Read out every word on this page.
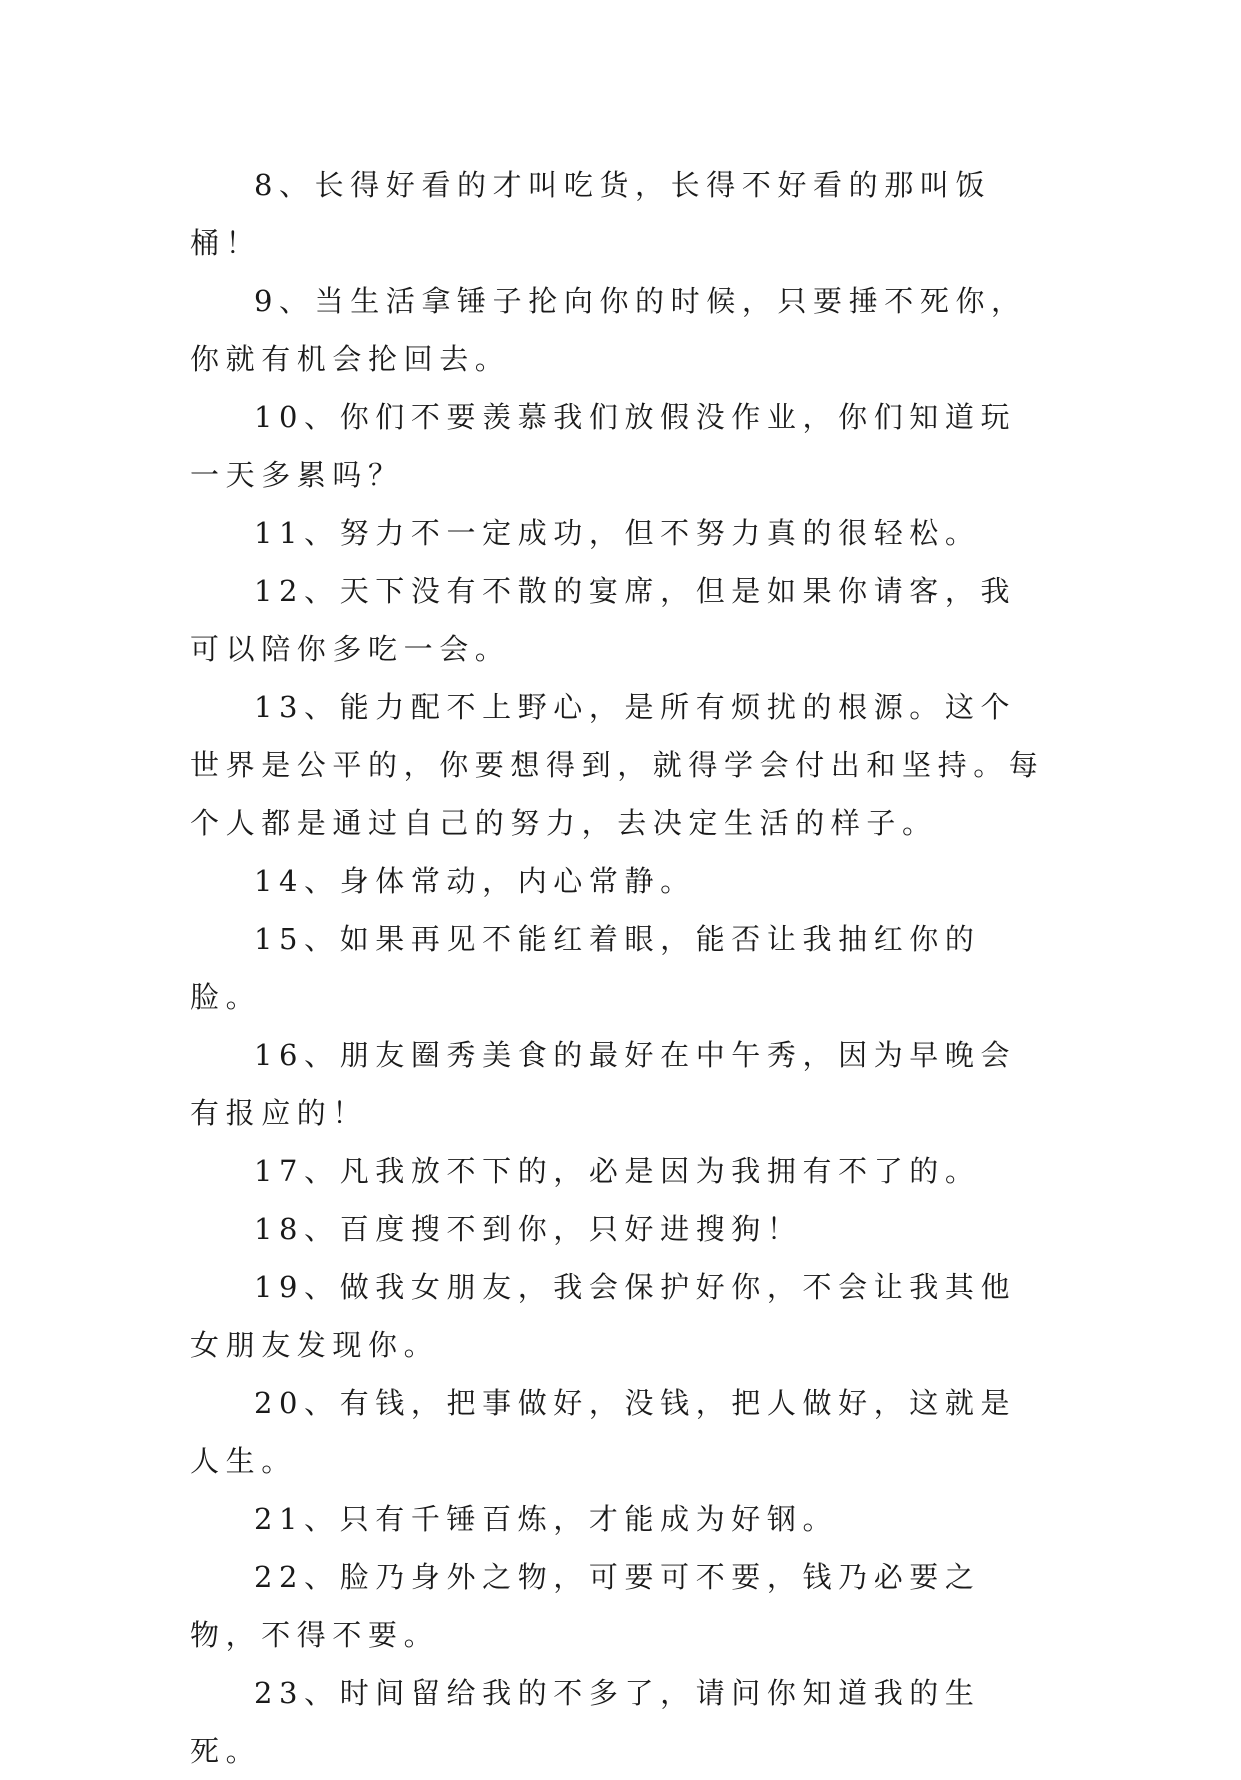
8、长得好看的才叫吃货，长得不好看的那叫饭桶！

9、当生活拿锤子抡向你的时候，只要捶不死你，你就有机会抡回去。

10、你们不要羡慕我们放假没作业，你们知道玩一天多累吗？

11、努力不一定成功，但不努力真的很轻松。

12、天下没有不散的宴席，但是如果你请客，我可以陪你多吃一会。

13、能力配不上野心，是所有烦扰的根源。这个世界是公平的，你要想得到，就得学会付出和坚持。每个人都是通过自己的努力，去决定生活的样子。

14、身体常动，内心常静。

15、如果再见不能红着眼，能否让我抽红你的脸。

16、朋友圈秀美食的最好在中午秀，因为早晚会有报应的！

17、凡我放不下的，必是因为我拥有不了的。

18、百度搜不到你，只好进搜狗！

19、做我女朋友，我会保护好你，不会让我其他女朋友发现你。

20、有钱，把事做好，没钱，把人做好，这就是人生。

21、只有千锤百炼，才能成为好钢。

22、脸乃身外之物，可要可不要，钱乃必要之物，不得不要。

23、时间留给我的不多了，请问你知道我的生死。
